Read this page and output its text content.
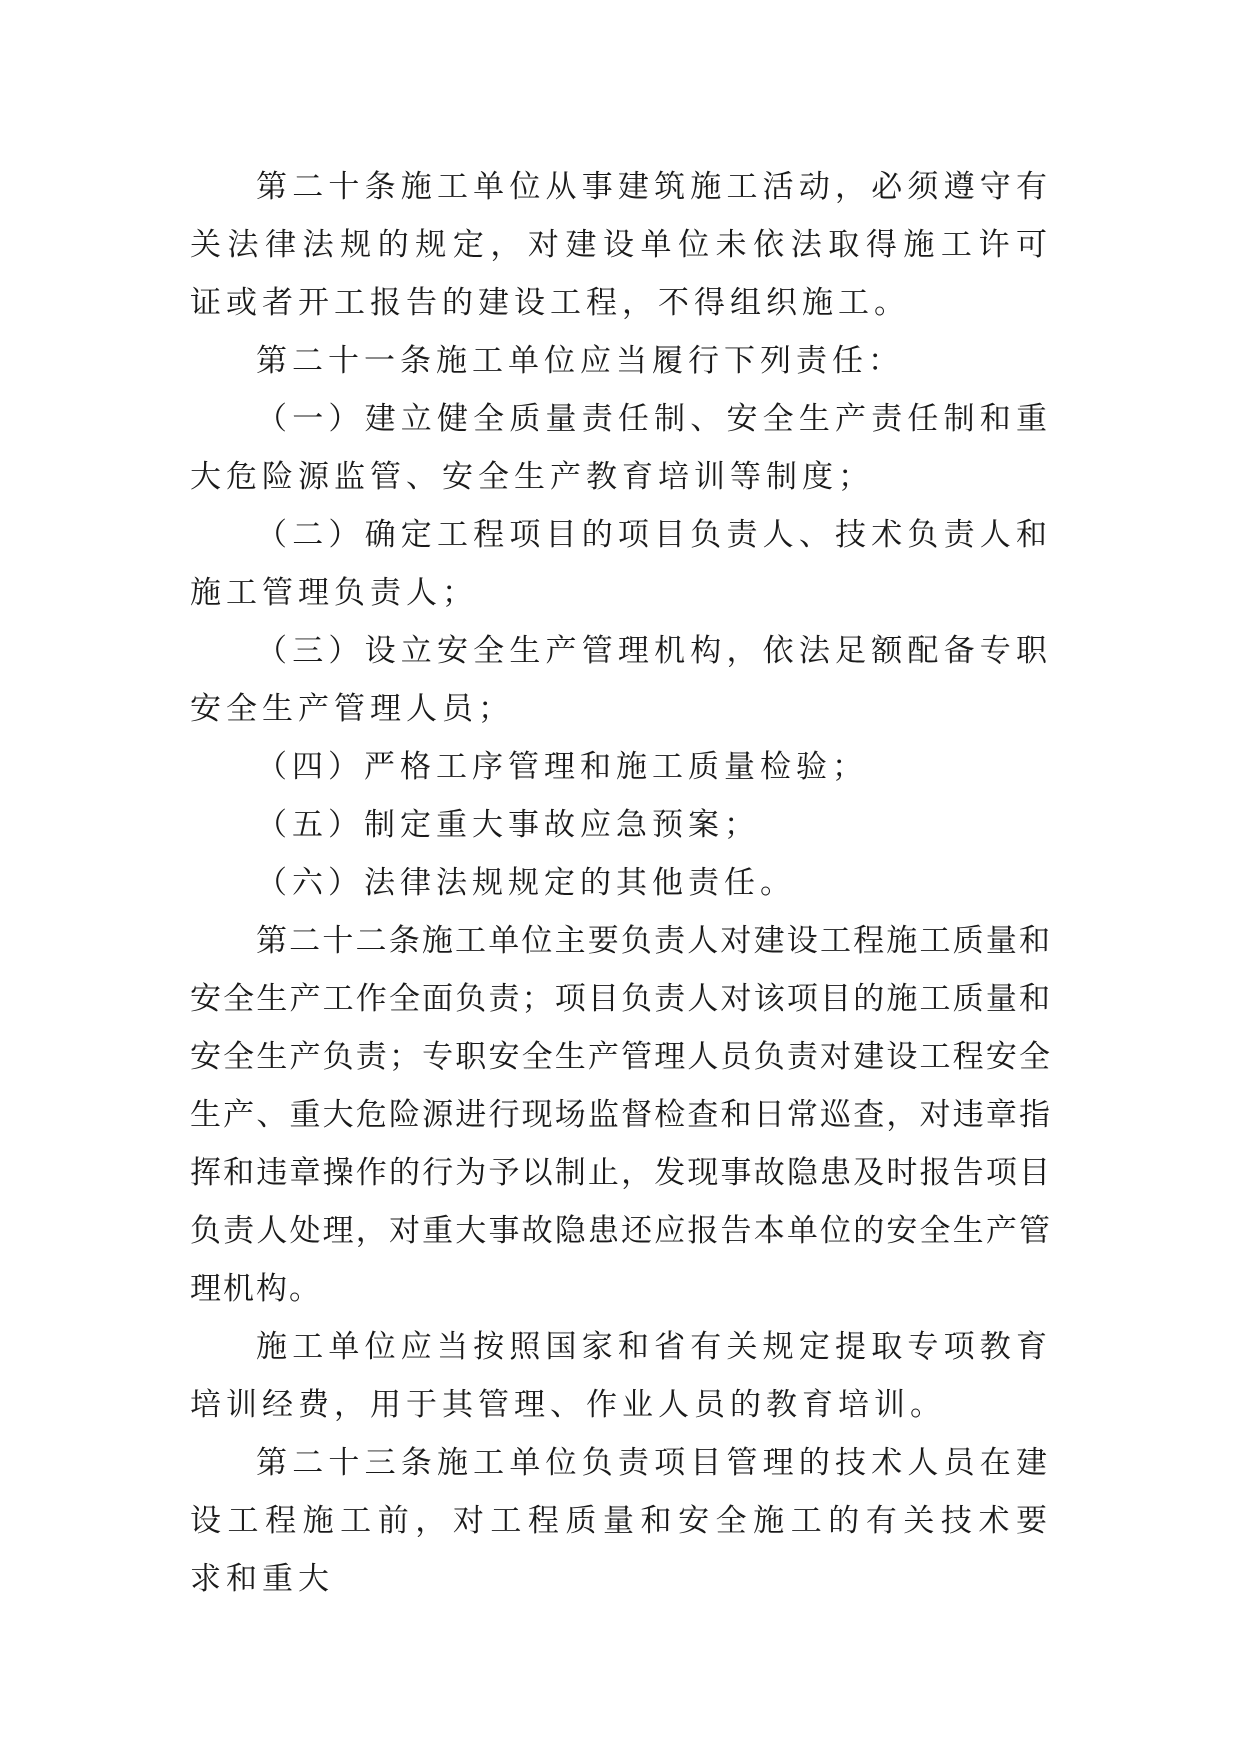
第二十条施工单位从事建筑施工活动，必须遵守有关法律法规的规定，对建设单位未依法取得施工许可证或者开工报告的建设工程，不得组织施工。

第二十一条施工单位应当履行下列责任：

（一）建立健全质量责任制、安全生产责任制和重大危险源监管、安全生产教育培训等制度；

（二）确定工程项目的项目负责人、技术负责人和施工管理负责人；

（三）设立安全生产管理机构，依法足额配备专职安全生产管理人员；

（四）严格工序管理和施工质量检验；

（五）制定重大事故应急预案；

（六）法律法规规定的其他责任。

第二十二条施工单位主要负责人对建设工程施工质量和安全生产工作全面负责；项目负责人对该项目的施工质量和安全生产负责；专职安全生产管理人员负责对建设工程安全生产、重大危险源进行现场监督检查和日常巡查，对违章指挥和违章操作的行为予以制止，发现事故隐患及时报告项目负责人处理，对重大事故隐患还应报告本单位的安全生产管理机构。

施工单位应当按照国家和省有关规定提取专项教育培训经费，用于其管理、作业人员的教育培训。

第二十三条施工单位负责项目管理的技术人员在建设工程施工前，对工程质量和安全施工的有关技术要求和重大
